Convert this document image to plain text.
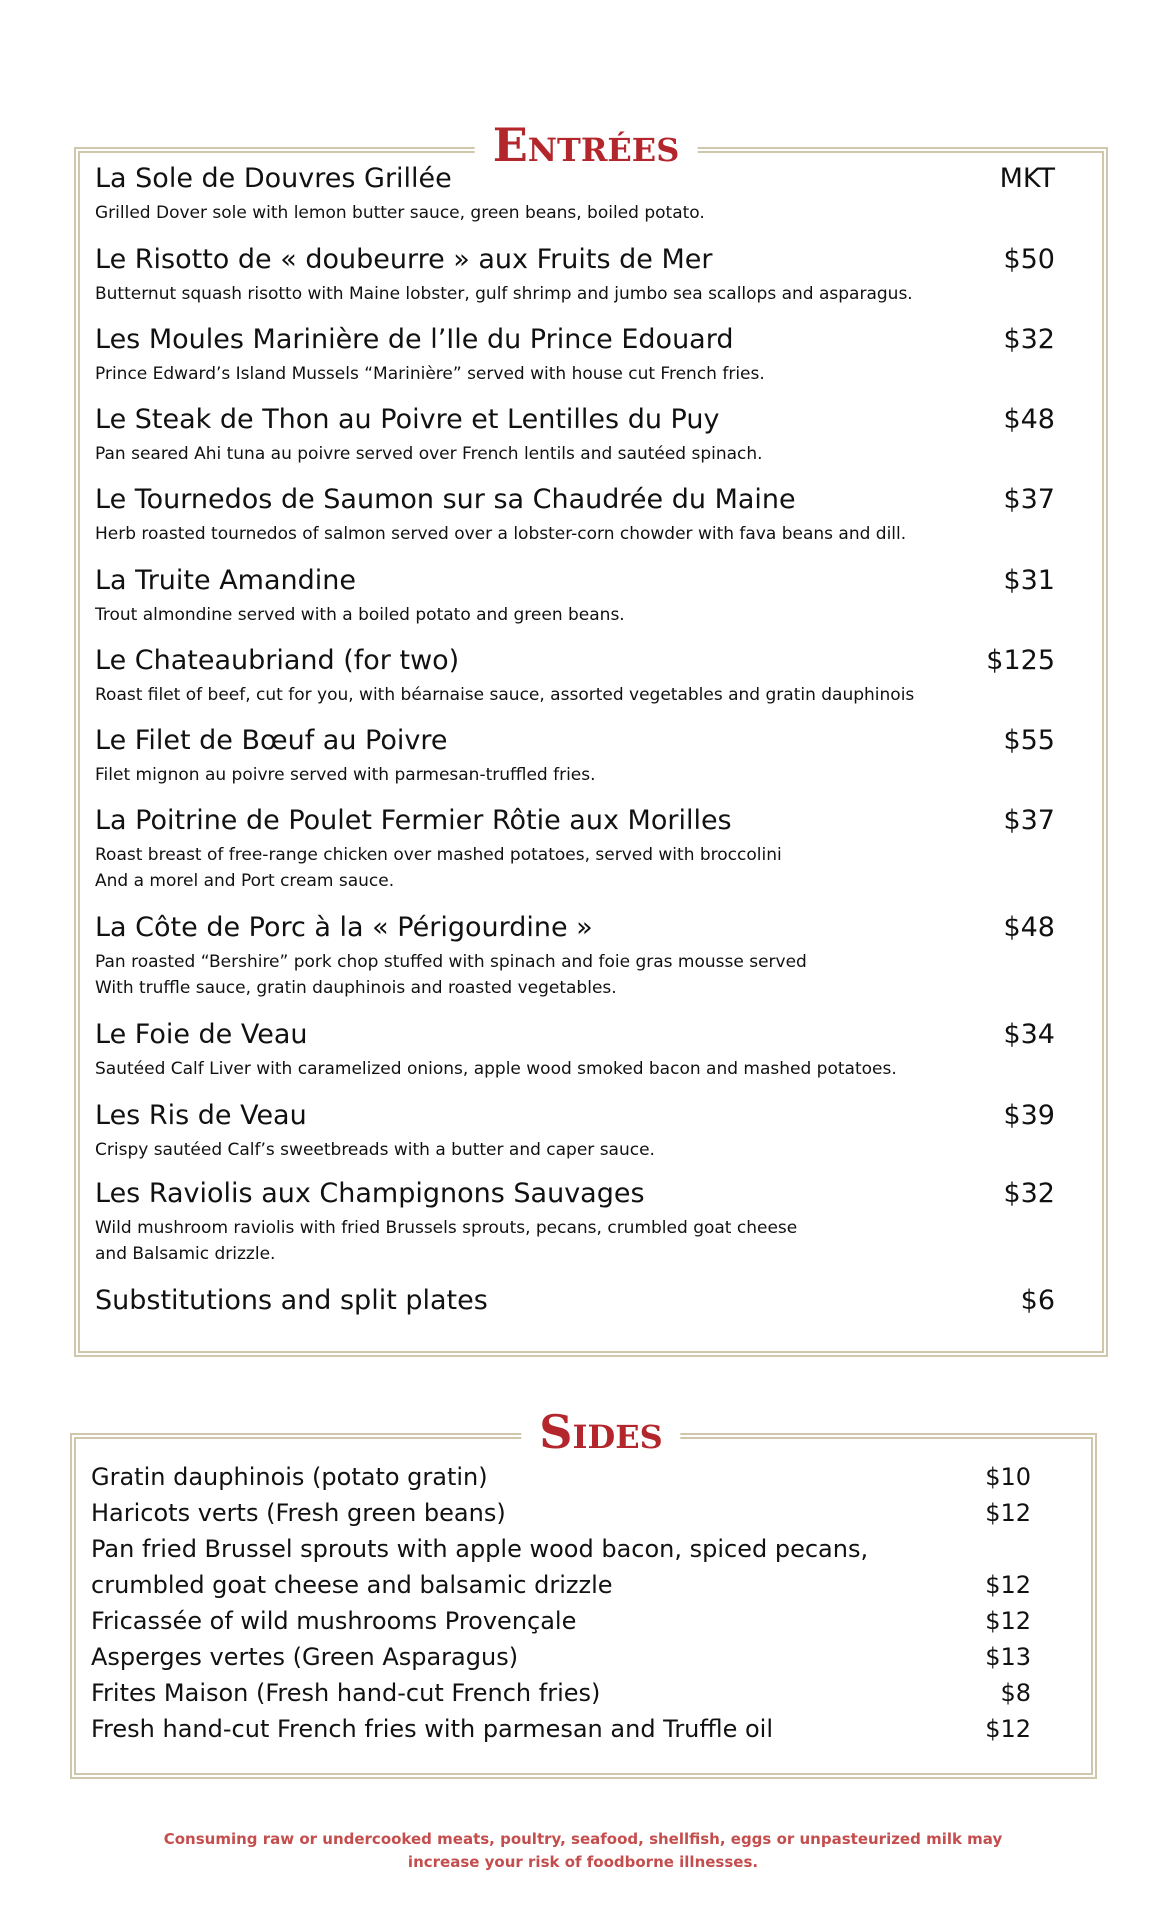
Entrées
La Sole de Douvres Grillée	MKT
Grilled Dover sole with lemon butter sauce, green beans, boiled potato.
Le Risotto de « doubeurre » aux Fruits de Mer	$50
Butternut squash risotto with Maine lobster, gulf shrimp and jumbo sea scallops and asparagus.
Les Moules Marinière de l’Ile du Prince Edouard	$32
Prince Edward’s Island Mussels “Marinière” served with house cut French fries.
Le Steak de Thon au Poivre et Lentilles du Puy	$48
Pan seared Ahi tuna au poivre served over French lentils and sautéed spinach.
Le Tournedos de Saumon sur sa Chaudrée du Maine	$37
Herb roasted tournedos of salmon served over a lobster-corn chowder with fava beans and dill.
La Truite Amandine	$31
Trout almondine served with a boiled potato and green beans.
Le Chateaubriand (for two)	$125
Roast filet of beef, cut for you, with béarnaise sauce, assorted vegetables and gratin dauphinois
Le Filet de Bœuf au Poivre	$55
Filet mignon au poivre served with parmesan-truffled fries.
La Poitrine de Poulet Fermier Rôtie aux Morilles	$37
Roast breast of free-range chicken over mashed potatoes, served with broccolini
And a morel and Port cream sauce.
La Côte de Porc à la « Périgourdine »	$48
Pan roasted “Bershire” pork chop stuffed with spinach and foie gras mousse served
With truffle sauce, gratin dauphinois and roasted vegetables.
Le Foie de Veau	$34
Sautéed Calf Liver with caramelized onions, apple wood smoked bacon and mashed potatoes.
Les Ris de Veau	$39
Crispy sautéed Calf’s sweetbreads with a butter and caper sauce.
Les Raviolis aux Champignons Sauvages	$32
Wild mushroom raviolis with fried Brussels sprouts, pecans, crumbled goat cheese
and Balsamic drizzle.
Substitutions and split plates	$6
Sides
Gratin dauphinois (potato gratin)	$10
Haricots verts (Fresh green beans)	$12
Pan fried Brussel sprouts with apple wood bacon, spiced pecans,
crumbled goat cheese and balsamic drizzle	$12
Fricassée of wild mushrooms Provençale	$12
Asperges vertes (Green Asparagus)	$13
Frites Maison (Fresh hand-cut French fries)	$8
Fresh hand-cut French fries with parmesan and Truffle oil	$12
Consuming raw or undercooked meats, poultry, seafood, shellfish, eggs or unpasteurized milk may
increase your risk of foodborne illnesses.
